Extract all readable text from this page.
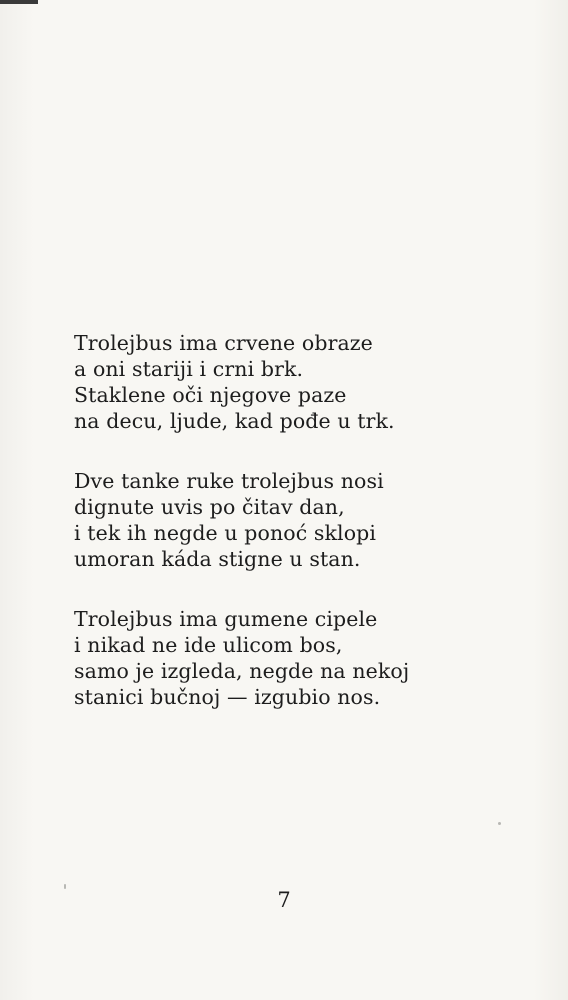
Trolejbus ima crvene obraze
a oni stariji i crni brk.
Staklene oči njegove paze
na decu, ljude, kad pođe u trk.
Dve tanke ruke trolejbus nosi
dignute uvis po čitav dan,
i tek ih negde u ponoć sklopi
umoran káda stigne u stan.
Trolejbus ima gumene cipele
i nikad ne ide ulicom bos,
samo je izgleda, negde na nekoj
stanici bučnoj — izgubio nos.
7
